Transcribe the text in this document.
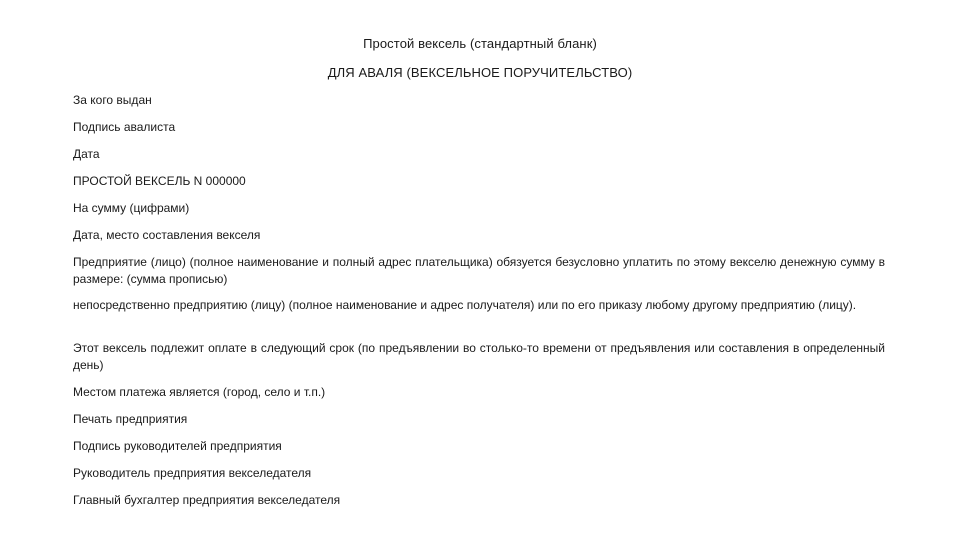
Простой вексель (стандартный бланк)
ДЛЯ АВАЛЯ (ВЕКСЕЛЬНОЕ ПОРУЧИТЕЛЬСТВО)
За кого выдан
Подпись авалиста
Дата
ПРОСТОЙ ВЕКСЕЛЬ N 000000
На сумму (цифрами)
Дата, место составления векселя
Предприятие (лицо) (полное наименование и полный адрес плательщика) обязуется безусловно уплатить по этому векселю денежную сумму в размере: (сумма прописью)
непосредственно предприятию (лицу) (полное наименование и адрес получателя) или по его приказу любому другому предприятию (лицу).
Этот вексель подлежит оплате в следующий срок (по предъявлении во столько-то времени от предъявления или составления в определенный день)
Местом платежа является (город, село и т.п.)
Печать предприятия
Подпись руководителей предприятия
Руководитель предприятия векселедателя
Главный бухгалтер предприятия векселедателя
